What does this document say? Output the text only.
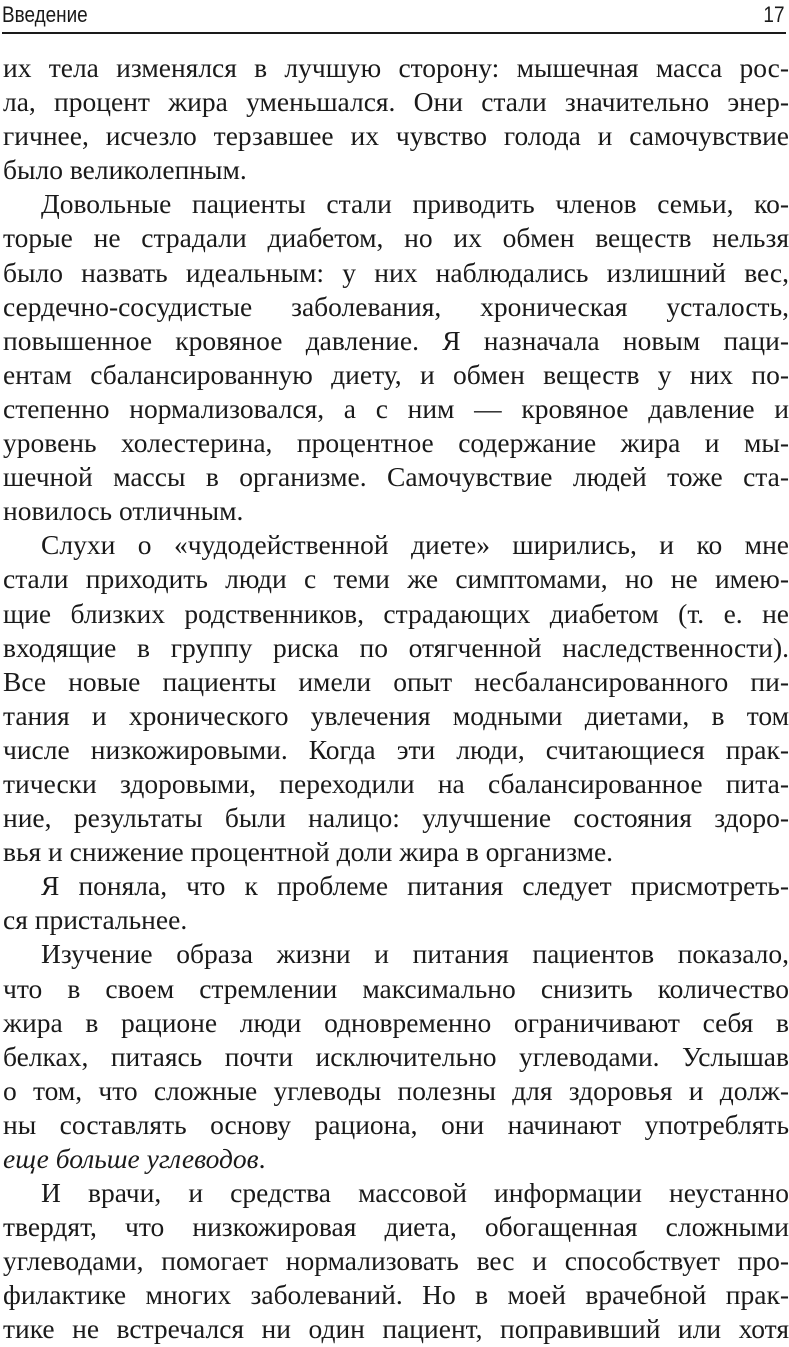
Введение	17
их тела изменялся в лучшую сторону: мышечная масса рос-
ла, процент жира уменьшался. Они стали значительно энер-
гичнее, исчезло терзавшее их чувство голода и самочувствие
было великолепным.
Довольные пациенты стали приводить членов семьи, ко-
торые не страдали диабетом, но их обмен веществ нельзя
было назвать идеальным: у них наблюдались излишний вес,
сердечно-сосудистые заболевания, хроническая усталость,
повышенное кровяное давление. Я назначала новым паци-
ентам сбалансированную диету, и обмен веществ у них по-
степенно нормализовался, а с ним — кровяное давление и
уровень холестерина, процентное содержание жира и мы-
шечной массы в организме. Самочувствие людей тоже ста-
новилось отличным.
Слухи о «чудодейственной диете» ширились, и ко мне
стали приходить люди с теми же симптомами, но не имею-
щие близких родственников, страдающих диабетом (т. е. не
входящие в группу риска по отягченной наследственности).
Все новые пациенты имели опыт несбалансированного пи-
тания и хронического увлечения модными диетами, в том
числе низкожировыми. Когда эти люди, считающиеся прак-
тически здоровыми, переходили на сбалансированное пита-
ние, результаты были налицо: улучшение состояния здоро-
вья и снижение процентной доли жира в организме.
Я поняла, что к проблеме питания следует присмотреть-
ся пристальнее.
Изучение образа жизни и питания пациентов показало,
что в своем стремлении максимально снизить количество
жира в рационе люди одновременно ограничивают себя в
белках, питаясь почти исключительно углеводами. Услышав
о том, что сложные углеводы полезны для здоровья и долж-
ны составлять основу рациона, они начинают употреблять
еще больше углеводов.
И врачи, и средства массовой информации неустанно
твердят, что низкожировая диета, обогащенная сложными
углеводами, помогает нормализовать вес и способствует про-
филактике многих заболеваний. Но в моей врачебной прак-
тике не встречался ни один пациент, поправивший или хотя
